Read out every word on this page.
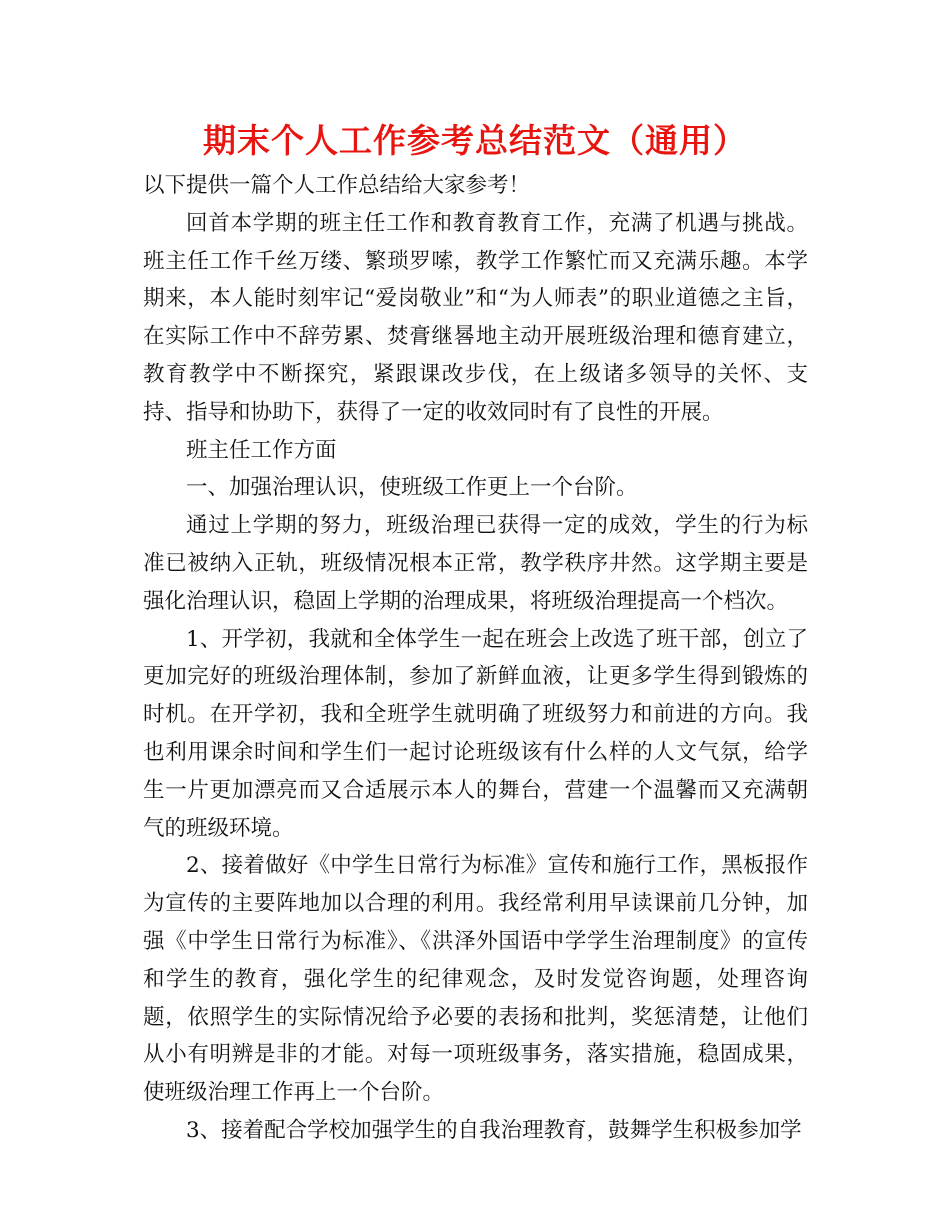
期末个人工作参考总结范文（通用）

以下提供一篇个人工作总结给大家参考！

回首本学期的班主任工作和教育教育工作，充满了机遇与挑战。班主任工作千丝万缕、繁琐罗嗦，教学工作繁忙而又充满乐趣。本学期来，本人能时刻牢记“爱岗敬业”和“为人师表”的职业道德之主旨，在实际工作中不辞劳累、焚膏继晷地主动开展班级治理和德育建立，教育教学中不断探究，紧跟课改步伐，在上级诸多领导的关怀、支持、指导和协助下，获得了一定的收效同时有了良性的开展。

班主任工作方面

一、加强治理认识，使班级工作更上一个台阶。

通过上学期的努力，班级治理已获得一定的成效，学生的行为标准已被纳入正轨，班级情况根本正常，教学秩序井然。这学期主要是强化治理认识，稳固上学期的治理成果，将班级治理提高一个档次。

1、开学初，我就和全体学生一起在班会上改选了班干部，创立了更加完好的班级治理体制，参加了新鲜血液，让更多学生得到锻炼的时机。在开学初，我和全班学生就明确了班级努力和前进的方向。我也利用课余时间和学生们一起讨论班级该有什么样的人文气氛，给学生一片更加漂亮而又合适展示本人的舞台，营建一个温馨而又充满朝气的班级环境。

2、接着做好《中学生日常行为标准》宣传和施行工作，黑板报作为宣传的主要阵地加以合理的利用。我经常利用早读课前几分钟，加强《中学生日常行为标准》、《洪泽外国语中学学生治理制度》的宣传和学生的教育，强化学生的纪律观念，及时发觉咨询题，处理咨询题，依照学生的实际情况给予必要的表扬和批判，奖惩清楚，让他们从小有明辨是非的才能。对每一项班级事务，落实措施，稳固成果，使班级治理工作再上一个台阶。

3、接着配合学校加强学生的自我治理教育，鼓舞学生积极参加学
